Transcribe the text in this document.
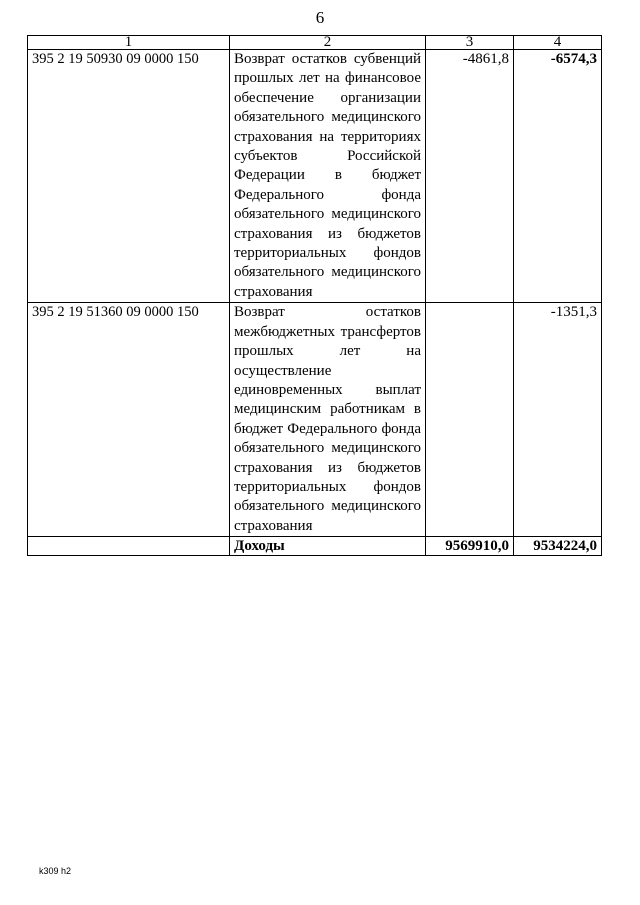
6
1	2	3	4
395 2 19 50930 09 0000 150	Возврат остатков субвенций прошлых лет на финансовое обеспечение организации обязательного медицинского страхования на территориях субъектов Российской Федерации в бюджет Федерального фонда обязательного медицинского страхования из бюджетов территориальных фондов обязательного медицинского страхования	-4861,8	-6574,3
395 2 19 51360 09 0000 150	Возврат остатков межбюджетных трансфертов прошлых лет на осуществление единовременных выплат медицинским работникам в бюджет Федерального фонда обязательного медицинского страхования из бюджетов территориальных фондов обязательного медицинского страхования		-1351,3
	Доходы	9569910,0	9534224,0
k309 h2
